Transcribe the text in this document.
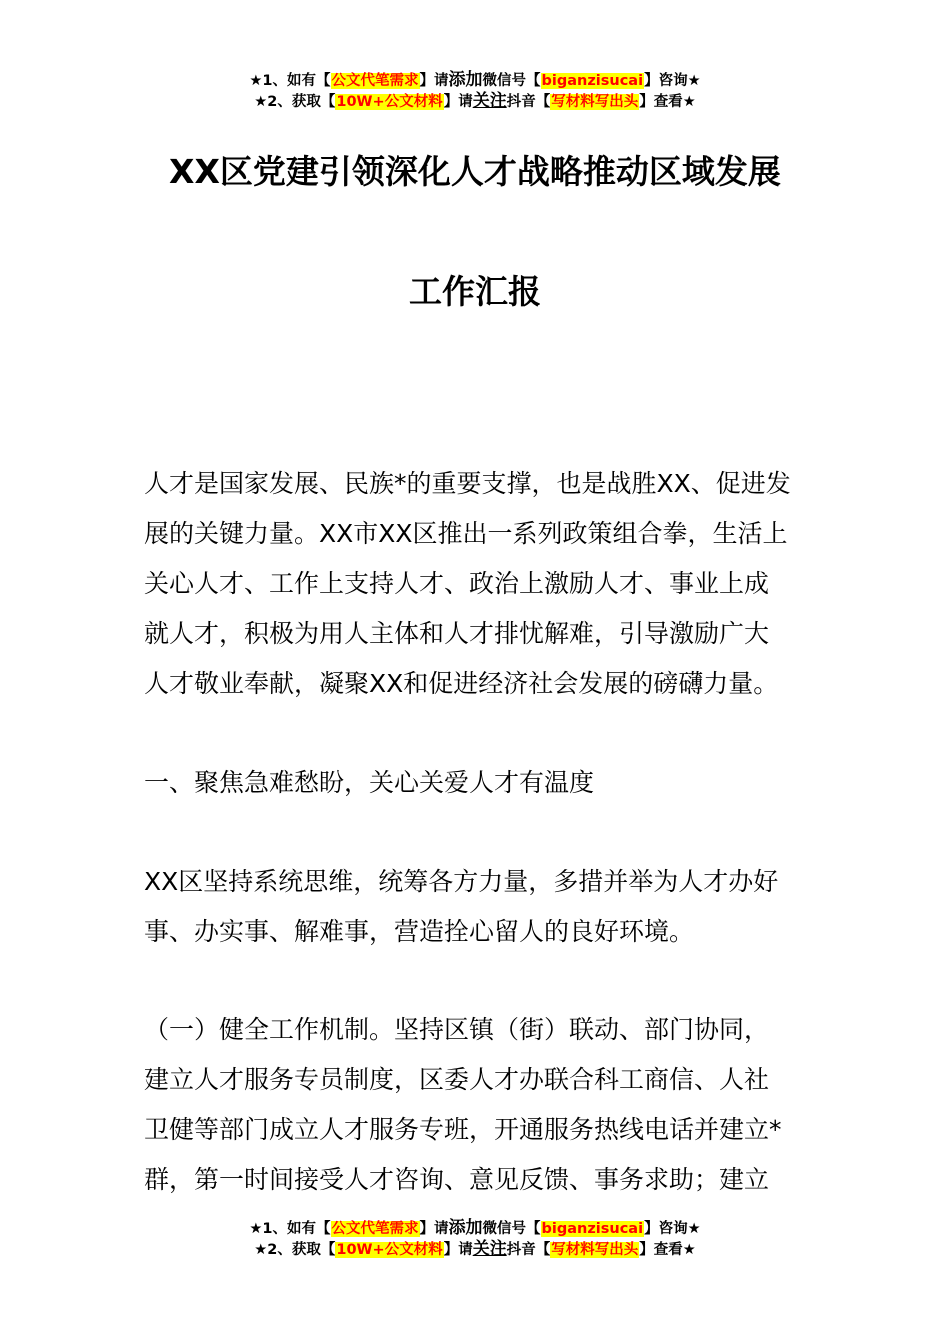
★1、如有【公文代笔需求】请添加微信号【biganzisucai】咨询★
★2、获取【10W+公文材料】请关注抖音【写材料写出头】查看★
XX区党建引领深化人才战略推动区域发展
工作汇报
人才是国家发展、民族*的重要支撑，也是战胜XX、促进发
展的关键力量。XX市XX区推出一系列政策组合拳，生活上
关心人才、工作上支持人才、政治上激励人才、事业上成
就人才，积极为用人主体和人才排忧解难，引导激励广大
人才敬业奉献，凝聚XX和促进经济社会发展的磅礴力量。
一、聚焦急难愁盼，关心关爱人才有温度
XX区坚持系统思维，统筹各方力量，多措并举为人才办好
事、办实事、解难事，营造拴心留人的良好环境。
（一）健全工作机制。坚持区镇（街）联动、部门协同，
建立人才服务专员制度，区委人才办联合科工商信、人社
卫健等部门成立人才服务专班，开通服务热线电话并建立*
群，第一时间接受人才咨询、意见反馈、事务求助；建立
★1、如有【公文代笔需求】请添加微信号【biganzisucai】咨询★
★2、获取【10W+公文材料】请关注抖音【写材料写出头】查看★
